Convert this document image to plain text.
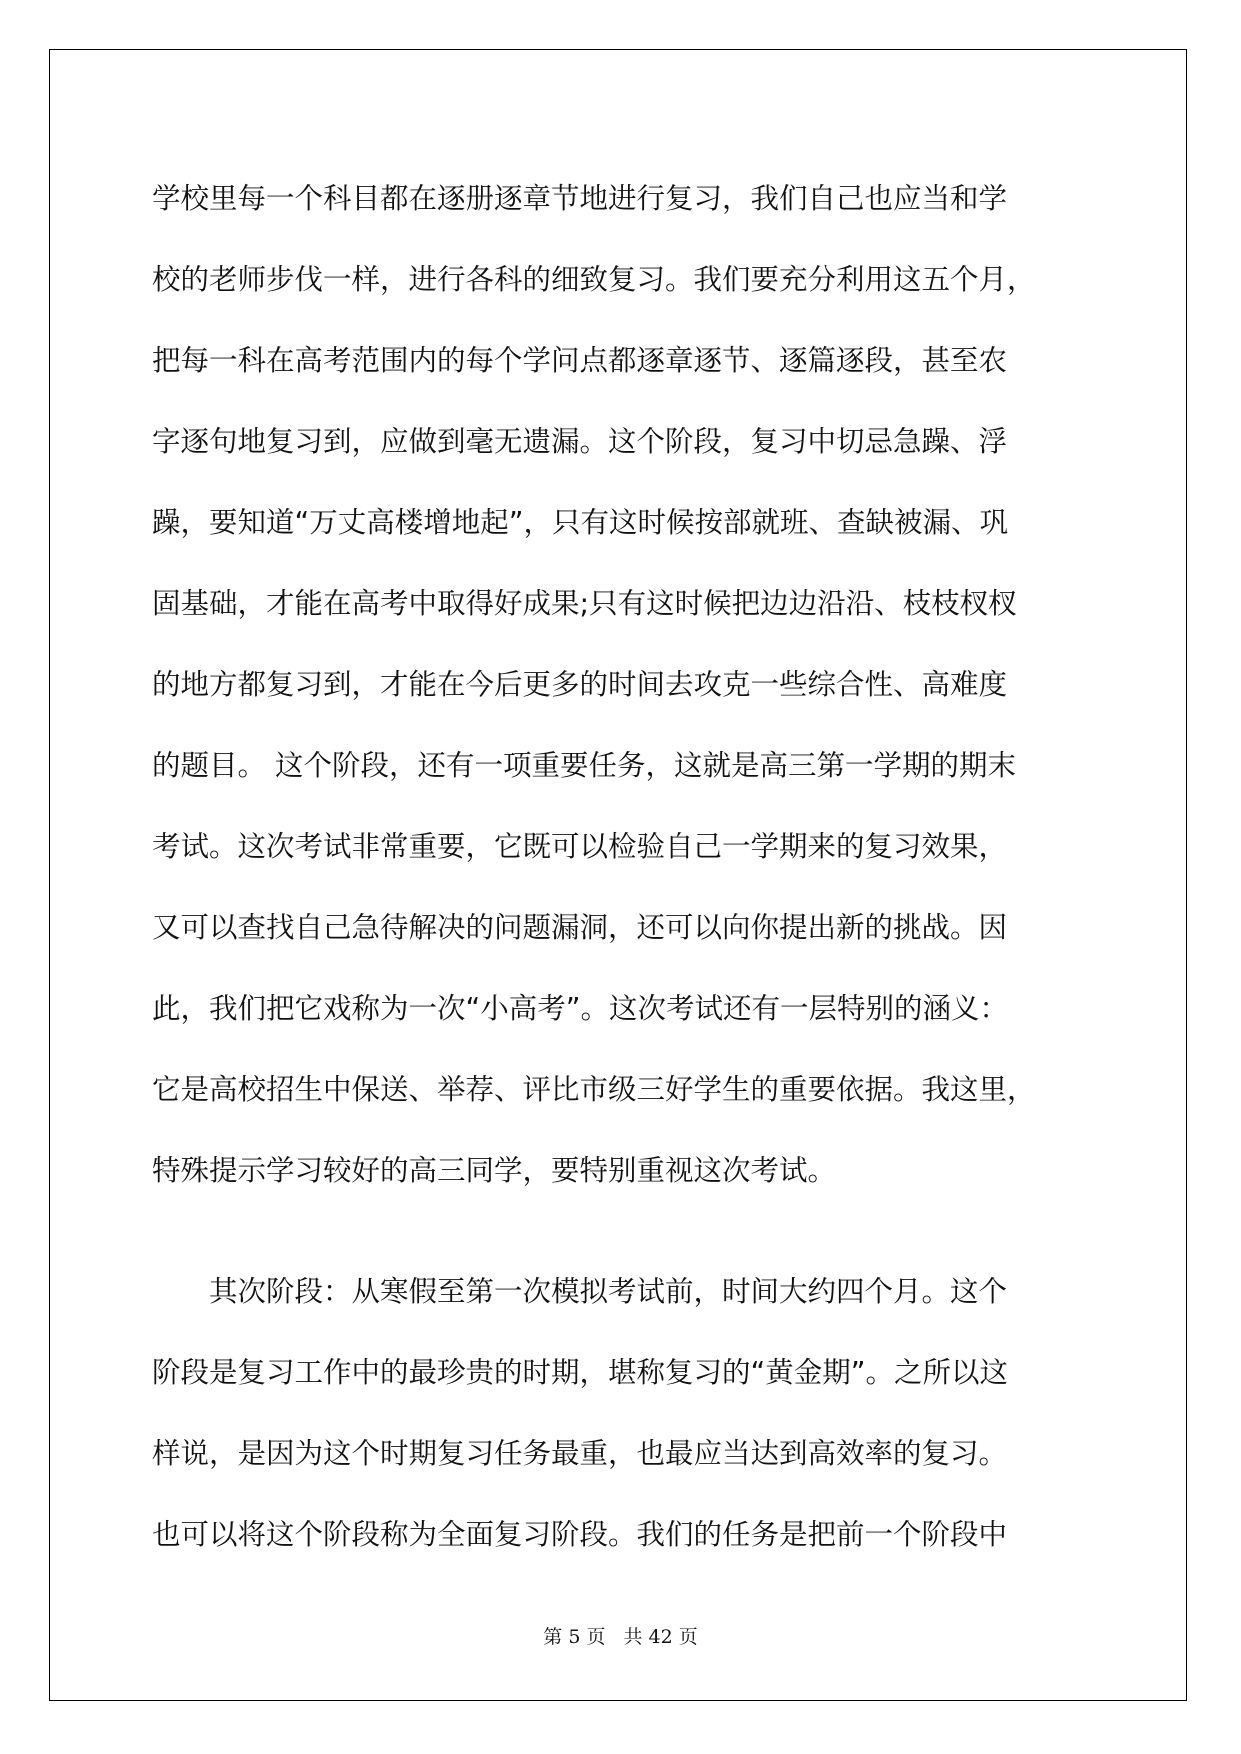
学校里每一个科目都在逐册逐章节地进行复习，我们自己也应当和学
校的老师步伐一样，进行各科的细致复习。我们要充分利用这五个月，
把每一科在高考范围内的每个学问点都逐章逐节、逐篇逐段，甚至农
字逐句地复习到，应做到毫无遗漏。这个阶段，复习中切忌急躁、浮
躁，要知道“万丈高楼增地起”，只有这时候按部就班、查缺被漏、巩
固基础，才能在高考中取得好成果;只有这时候把边边沿沿、枝枝杈杈
的地方都复习到，才能在今后更多的时间去攻克一些综合性、高难度
的题目。 这个阶段，还有一项重要任务，这就是高三第一学期的期末
考试。这次考试非常重要，它既可以检验自己一学期来的复习效果，
又可以查找自己急待解决的问题漏洞，还可以向你提出新的挑战。因
此，我们把它戏称为一次“小高考”。这次考试还有一层特别的涵义：
它是高校招生中保送、举荐、评比市级三好学生的重要依据。我这里，
特殊提示学习较好的高三同学，要特别重视这次考试。
　　其次阶段：从寒假至第一次模拟考试前，时间大约四个月。这个
阶段是复习工作中的最珍贵的时期，堪称复习的“黄金期”。之所以这
样说，是因为这个时期复习任务最重，也最应当达到高效率的复习。
也可以将这个阶段称为全面复习阶段。我们的任务是把前一个阶段中
第 5 页 共 42 页
